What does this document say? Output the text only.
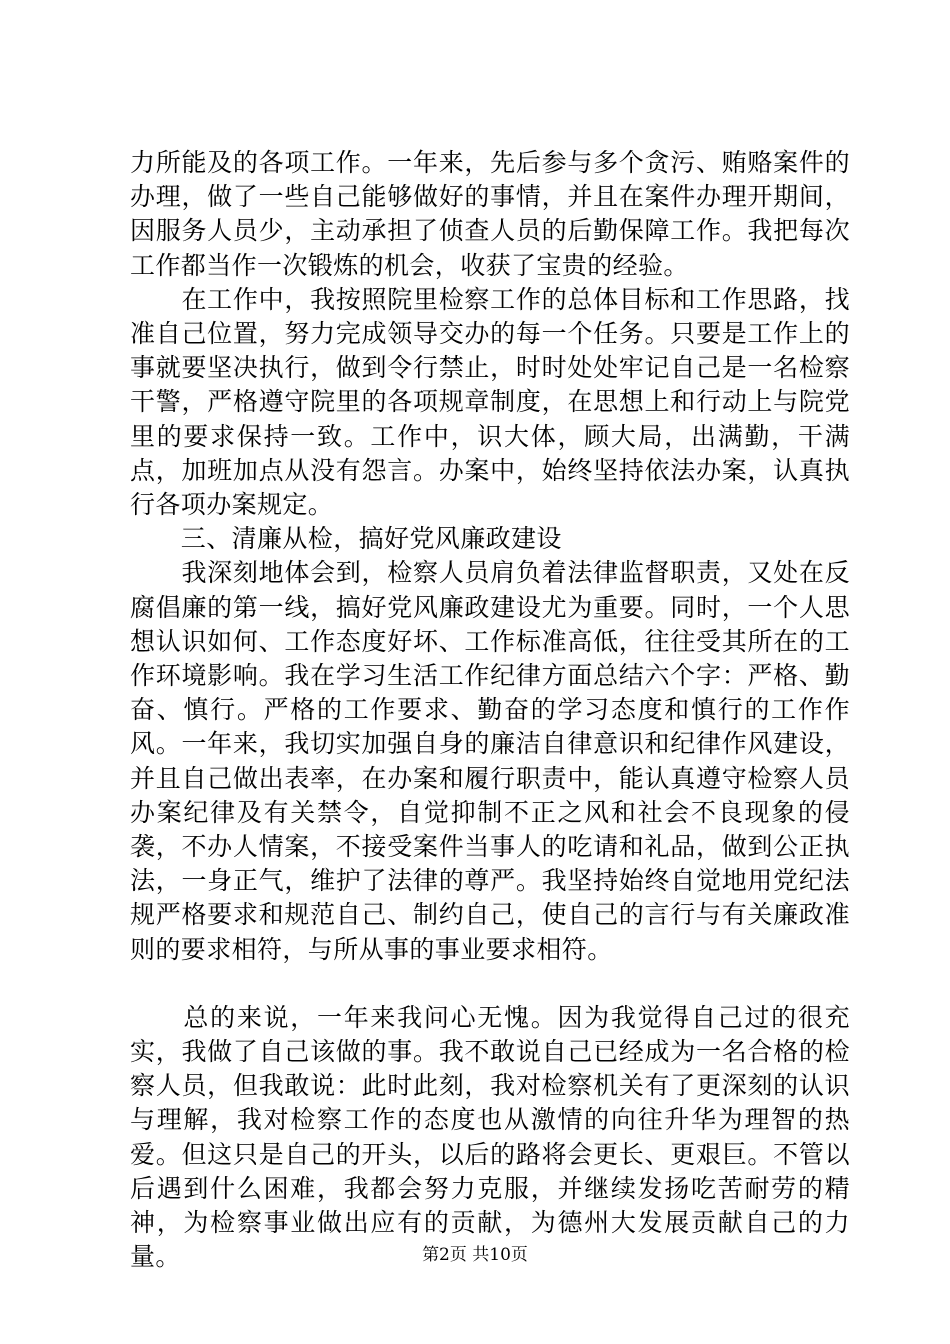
力所能及的各项工作。一年来，先后参与多个贪污、贿赂案件的办理，做了一些自己能够做好的事情，并且在案件办理开期间，因服务人员少，主动承担了侦查人员的后勤保障工作。我把每次工作都当作一次锻炼的机会，收获了宝贵的经验。

　　在工作中，我按照院里检察工作的总体目标和工作思路，找准自己位置，努力完成领导交办的每一个任务。只要是工作上的事就要坚决执行，做到令行禁止，时时处处牢记自己是一名检察干警，严格遵守院里的各项规章制度，在思想上和行动上与院党里的要求保持一致。工作中，识大体，顾大局，出满勤，干满点，加班加点从没有怨言。办案中，始终坚持依法办案，认真执行各项办案规定。

　　三、清廉从检，搞好党风廉政建设

　　我深刻地体会到，检察人员肩负着法律监督职责，又处在反腐倡廉的第一线，搞好党风廉政建设尤为重要。同时，一个人思想认识如何、工作态度好坏、工作标准高低，往往受其所在的工作环境影响。我在学习生活工作纪律方面总结六个字：严格、勤奋、慎行。严格的工作要求、勤奋的学习态度和慎行的工作作风。一年来，我切实加强自身的廉洁自律意识和纪律作风建设，并且自己做出表率，在办案和履行职责中，能认真遵守检察人员办案纪律及有关禁令，自觉抑制不正之风和社会不良现象的侵袭，不办人情案，不接受案件当事人的吃请和礼品，做到公正执法，一身正气，维护了法律的尊严。我坚持始终自觉地用党纪法规严格要求和规范自己、制约自己，使自己的言行与有关廉政准则的要求相符，与所从事的事业要求相符。

　　总的来说，一年来我问心无愧。因为我觉得自己过的很充实，我做了自己该做的事。我不敢说自己已经成为一名合格的检察人员，但我敢说：此时此刻，我对检察机关有了更深刻的认识与理解，我对检察工作的态度也从激情的向往升华为理智的热爱。但这只是自己的开头，以后的路将会更长、更艰巨。不管以后遇到什么困难，我都会努力克服，并继续发扬吃苦耐劳的精神，为检察事业做出应有的贡献，为德州大发展贡献自己的力量。	第2页 共10页
